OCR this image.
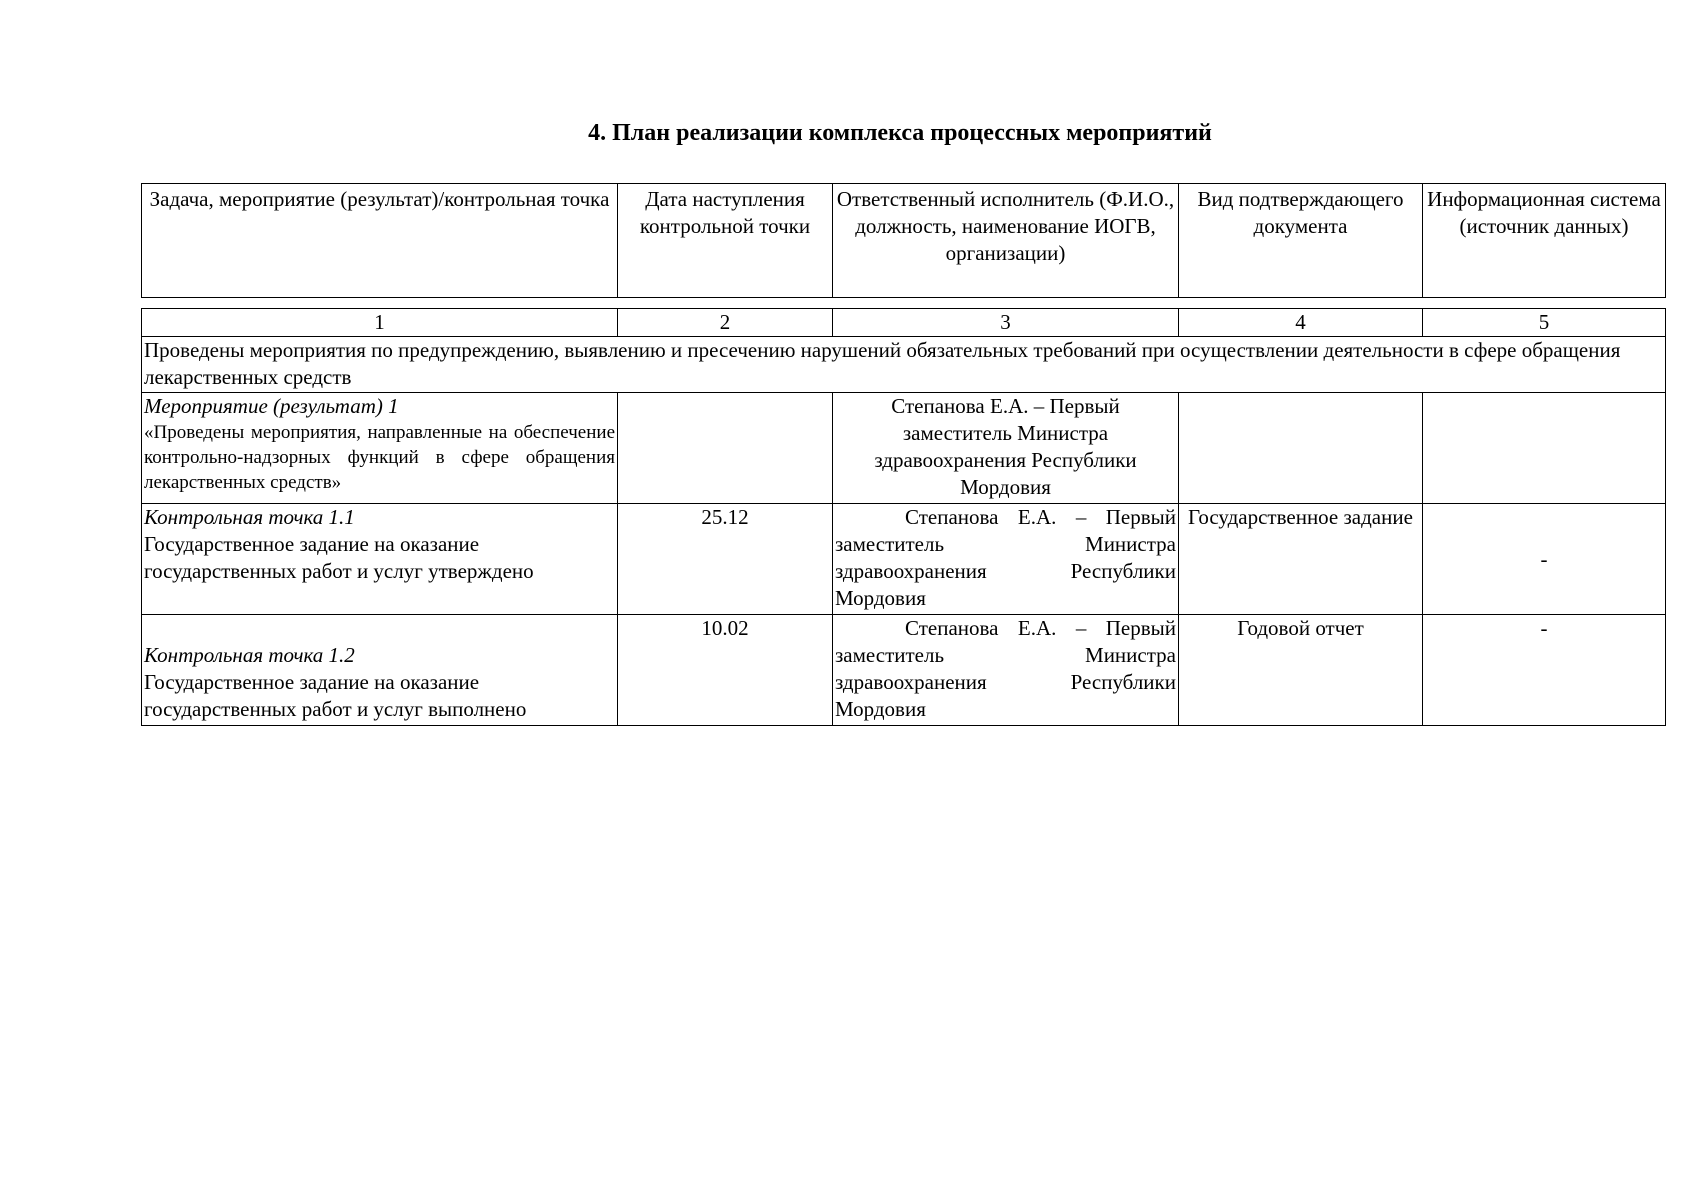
4. План реализации комплекса процессных мероприятий
Задача, мероприятие (результат)/контрольная точка	Дата наступления контрольной точки	Ответственный исполнитель (Ф.И.О., должность, наименование ИОГВ, организации)	Вид подтверждающего документа	Информационная система (источник данных)
1	2	3	4	5
Проведены мероприятия по предупреждению, выявлению и пресечению нарушений обязательных требований при осуществлении деятельности в сфере обращения лекарственных средств				

Мероприятие (результат) 1
«Проведены мероприятия, направленные на обеспечение контрольно-надзорных функций в сфере обращения лекарственных средств»		Степанова Е.А. – Первый заместитель Министра здравоохранения Республики Мордовия		

Контрольная точка 1.1
Государственное задание на оказание государственных работ и услуг утверждено	25.12	Степанова Е.А. – Первый заместитель Министра здравоохранения Республики Мордовия	Государственное задание	-

Контрольная точка 1.2
Государственное задание на оказание государственных работ и услуг выполнено	10.02	Степанова Е.А. – Первый заместитель Министра здравоохранения Республики Мордовия	Годовой отчет	-
